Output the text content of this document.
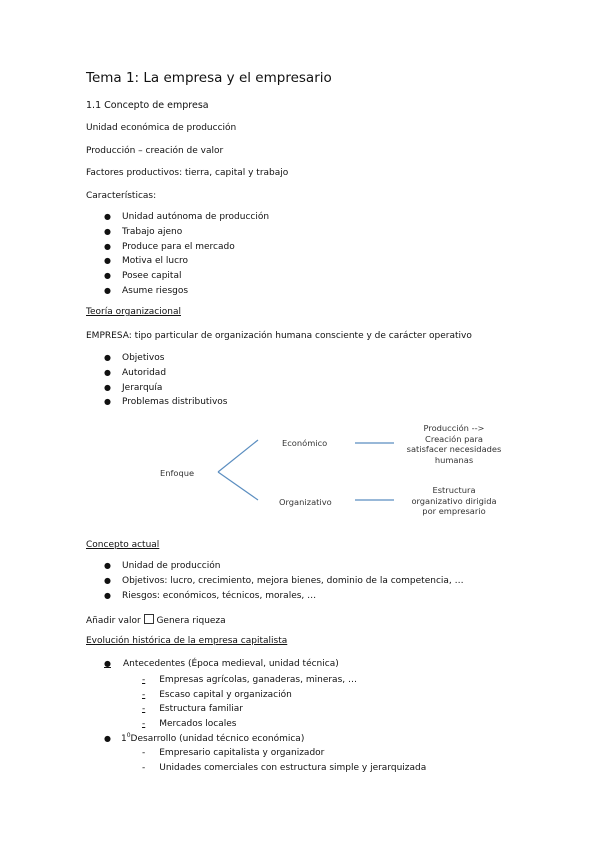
Tema 1: La empresa y el empresario
1.1 Concepto de empresa
Unidad económica de producción
Producción – creación de valor
Factores productivos: tierra, capital y trabajo
Características:
● Unidad autónoma de producción
● Trabajo ajeno
● Produce para el mercado
● Motiva el lucro
● Posee capital
● Asume riesgos
Teoría organizacional
EMPRESA: tipo particular de organización humana consciente y de carácter operativo
● Objetivos
● Autoridad
● Jerarquía
● Problemas distributivos
Enfoque
Económico
Organizativo
Producción -->
Creación para
satisfacer necesidades
humanas
Estructura
organizativo dirigida
por empresario
Concepto actual
● Unidad de producción
● Objetivos: lucro, crecimiento, mejora bienes, dominio de la competencia, …
● Riesgos: económicos, técnicos, morales, …
Añadir valor Genera riqueza
Evolución histórica de la empresa capitalista
● Antecedentes (Época medieval, unidad técnica)
- Empresas agrícolas, ganaderas, mineras, …
- Escaso capital y organización
- Estructura familiar
- Mercados locales
● $1^0Desarrollo$ (unidad técnico económica)
- Empresario capitalista y organizador
- Unidades comerciales con estructura simple y jerarquizada
